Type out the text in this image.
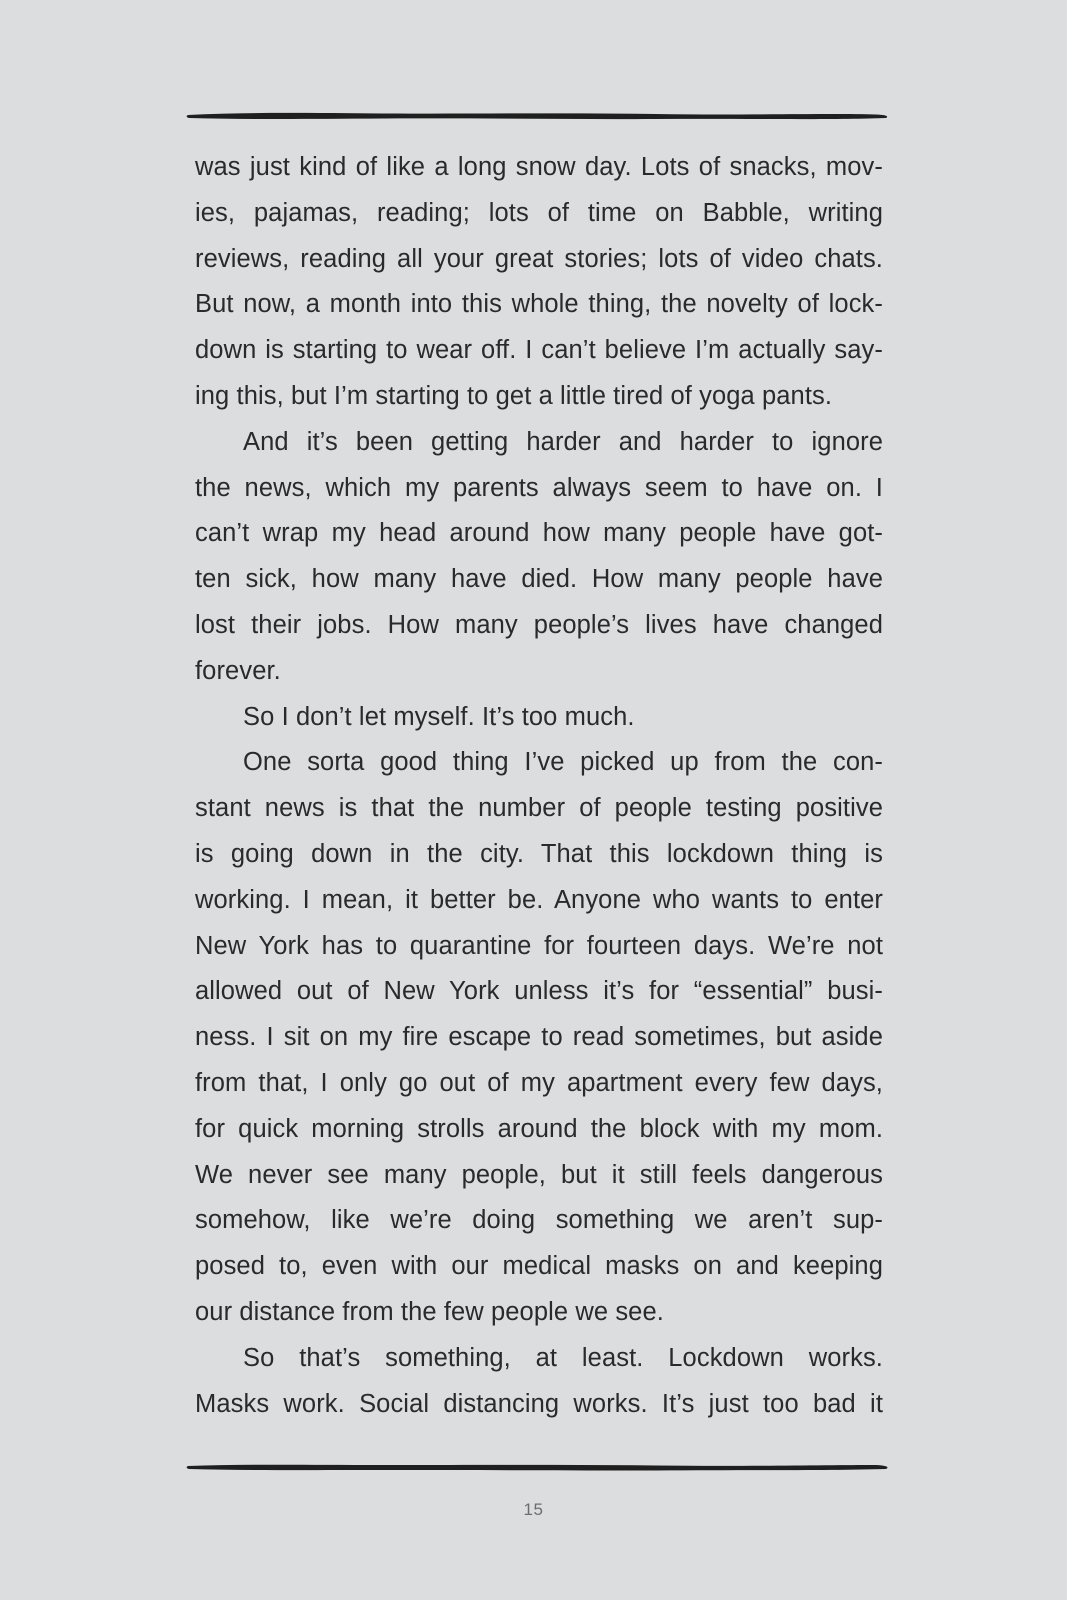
was just kind of like a long snow day. Lots of snacks, mov-
ies, pajamas, reading; lots of time on Babble, writing
reviews, reading all your great stories; lots of video chats.
But now, a month into this whole thing, the novelty of lock-
down is starting to wear off. I can’t believe I’m actually say-
ing this, but I’m starting to get a little tired of yoga pants.
And it’s been getting harder and harder to ignore
the news, which my parents always seem to have on. I
can’t wrap my head around how many people have got-
ten sick, how many have died. How many people have
lost their jobs. How many people’s lives have changed
forever.
So I don’t let myself. It’s too much.
One sorta good thing I’ve picked up from the con-
stant news is that the number of people testing positive
is going down in the city. That this lockdown thing is
working. I mean, it better be. Anyone who wants to enter
New York has to quarantine for fourteen days. We’re not
allowed out of New York unless it’s for “essential” busi-
ness. I sit on my fire escape to read sometimes, but aside
from that, I only go out of my apartment every few days,
for quick morning strolls around the block with my mom.
We never see many people, but it still feels dangerous
somehow, like we’re doing something we aren’t sup-
posed to, even with our medical masks on and keeping
our distance from the few people we see.
So that’s something, at least. Lockdown works.
Masks work. Social distancing works. It’s just too bad it
15
